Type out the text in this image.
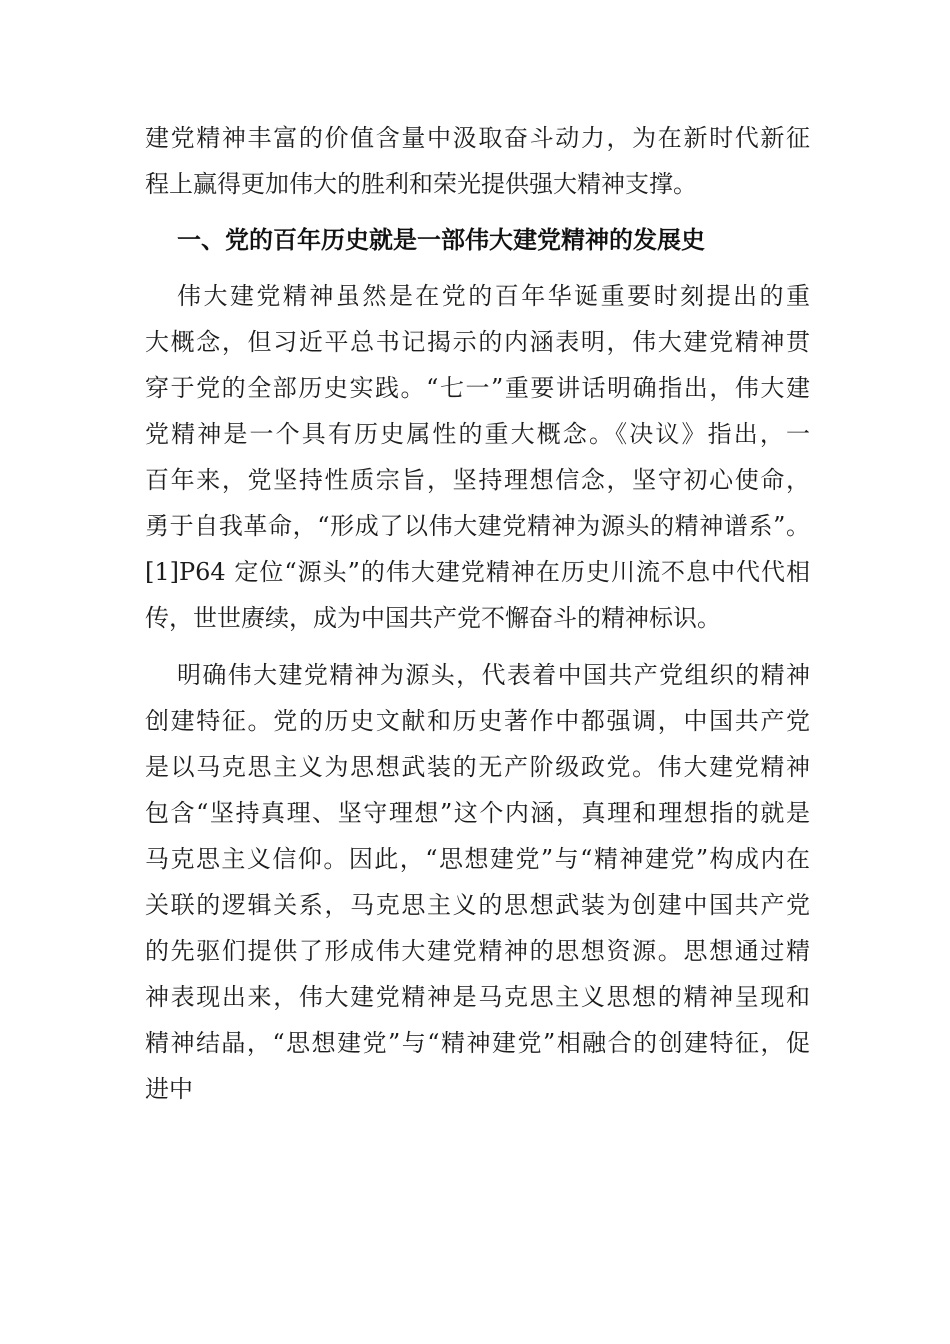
建党精神丰富的价值含量中汲取奋斗动力，为在新时代新征
程上赢得更加伟大的胜利和荣光提供强大精神支撑。
一、党的百年历史就是一部伟大建党精神的发展史
伟大建党精神虽然是在党的百年华诞重要时刻提出的重
大概念，但习近平总书记揭示的内涵表明，伟大建党精神贯
穿于党的全部历史实践。“七一”重要讲话明确指出，伟大建
党精神是一个具有历史属性的重大概念。《决议》指出，一
百年来，党坚持性质宗旨，坚持理想信念，坚守初心使命，
勇于自我革命，“形成了以伟大建党精神为源头的精神谱系”。
[1]P64 定位“源头”的伟大建党精神在历史川流不息中代代相
传，世世赓续，成为中国共产党不懈奋斗的精神标识。
明确伟大建党精神为源头，代表着中国共产党组织的精神
创建特征。党的历史文献和历史著作中都强调，中国共产党
是以马克思主义为思想武装的无产阶级政党。伟大建党精神
包含“坚持真理、坚守理想”这个内涵，真理和理想指的就是
马克思主义信仰。因此，“思想建党”与“精神建党”构成内在
关联的逻辑关系，马克思主义的思想武装为创建中国共产党
的先驱们提供了形成伟大建党精神的思想资源。思想通过精
神表现出来，伟大建党精神是马克思主义思想的精神呈现和
精神结晶，“思想建党”与“精神建党”相融合的创建特征，促
进中
